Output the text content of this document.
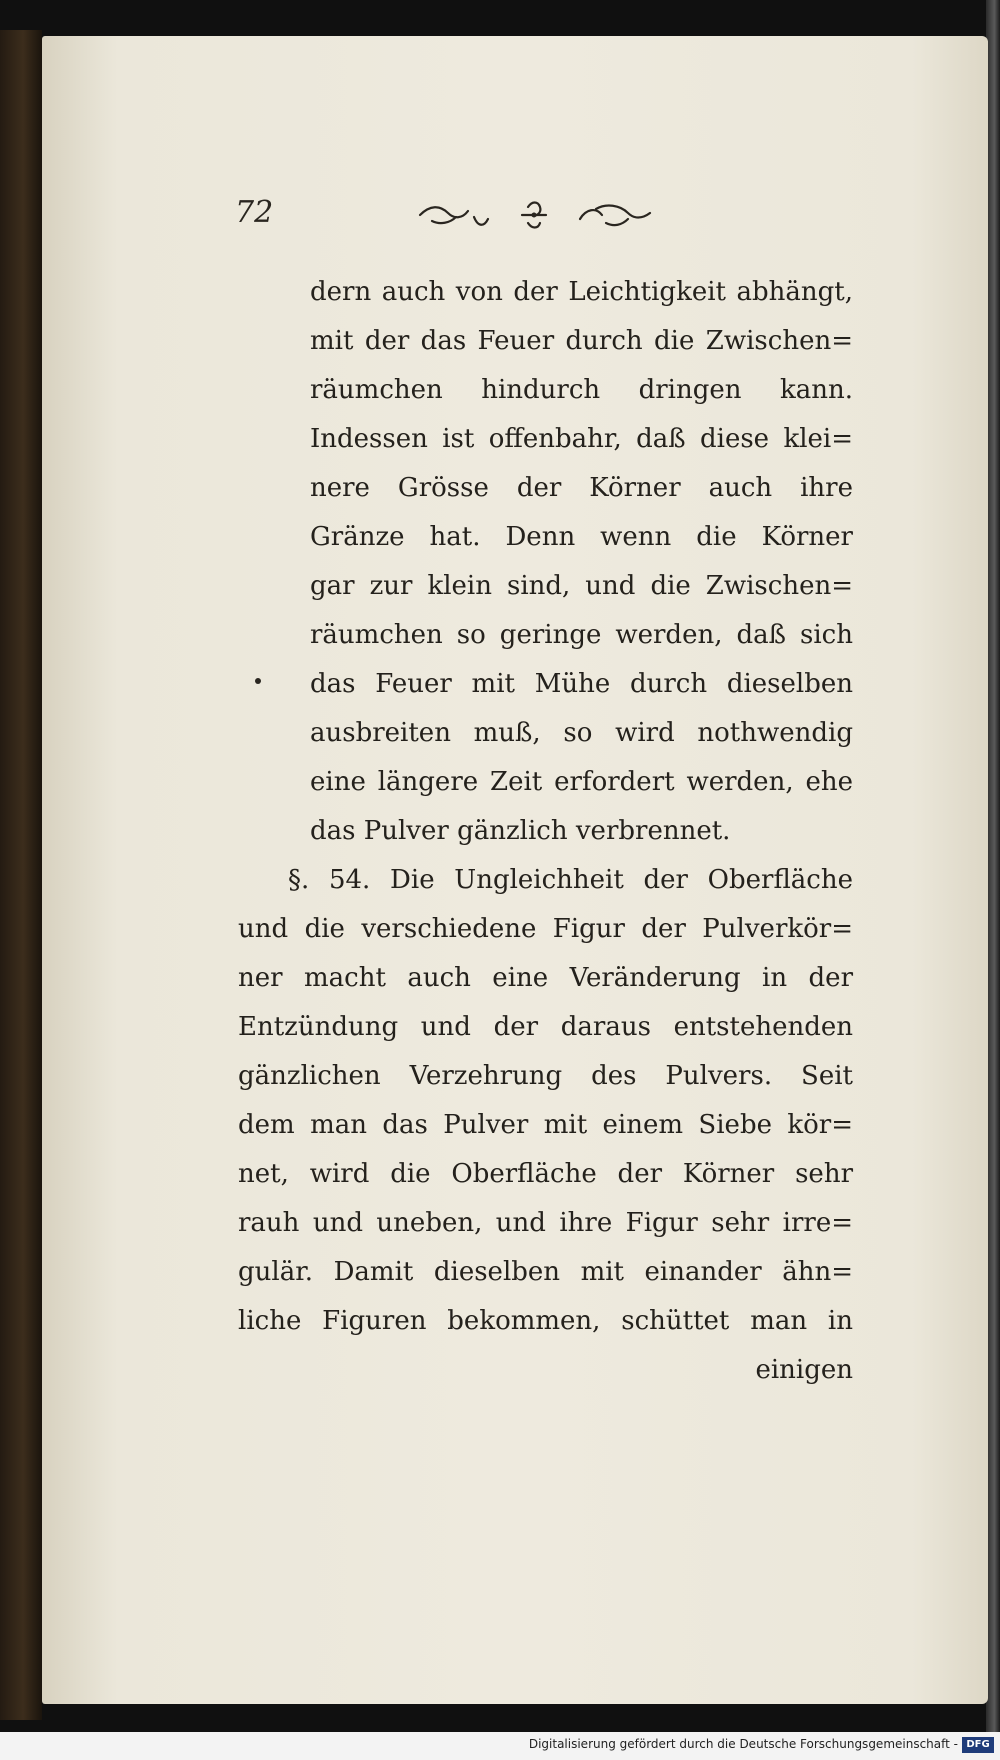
72
dern auch von der Leichtigkeit abhängt,
mit der das Feuer durch die Zwischen=
räumchen hindurch dringen kann.
Indessen ist offenbahr, daß diese klei=
nere Grösse der Körner auch ihre
Gränze hat. Denn wenn die Körner
gar zur klein sind, und die Zwischen=
räumchen so geringe werden, daß sich
das Feuer mit Mühe durch dieselben
ausbreiten muß, so wird nothwendig
eine längere Zeit erfordert werden, ehe
das Pulver gänzlich verbrennet.
§. 54. Die Ungleichheit der Oberfläche
und die verschiedene Figur der Pulverkör=
ner macht auch eine Veränderung in der
Entzündung und der daraus entstehenden
gänzlichen Verzehrung des Pulvers. Seit
dem man das Pulver mit einem Siebe kör=
net, wird die Oberfläche der Körner sehr
rauh und uneben, und ihre Figur sehr irre=
gulär. Damit dieselben mit einander ähn=
liche Figuren bekommen, schüttet man in
einigen
Digitalisierung gefördert durch die Deutsche Forschungsgemeinschaft - DFG
